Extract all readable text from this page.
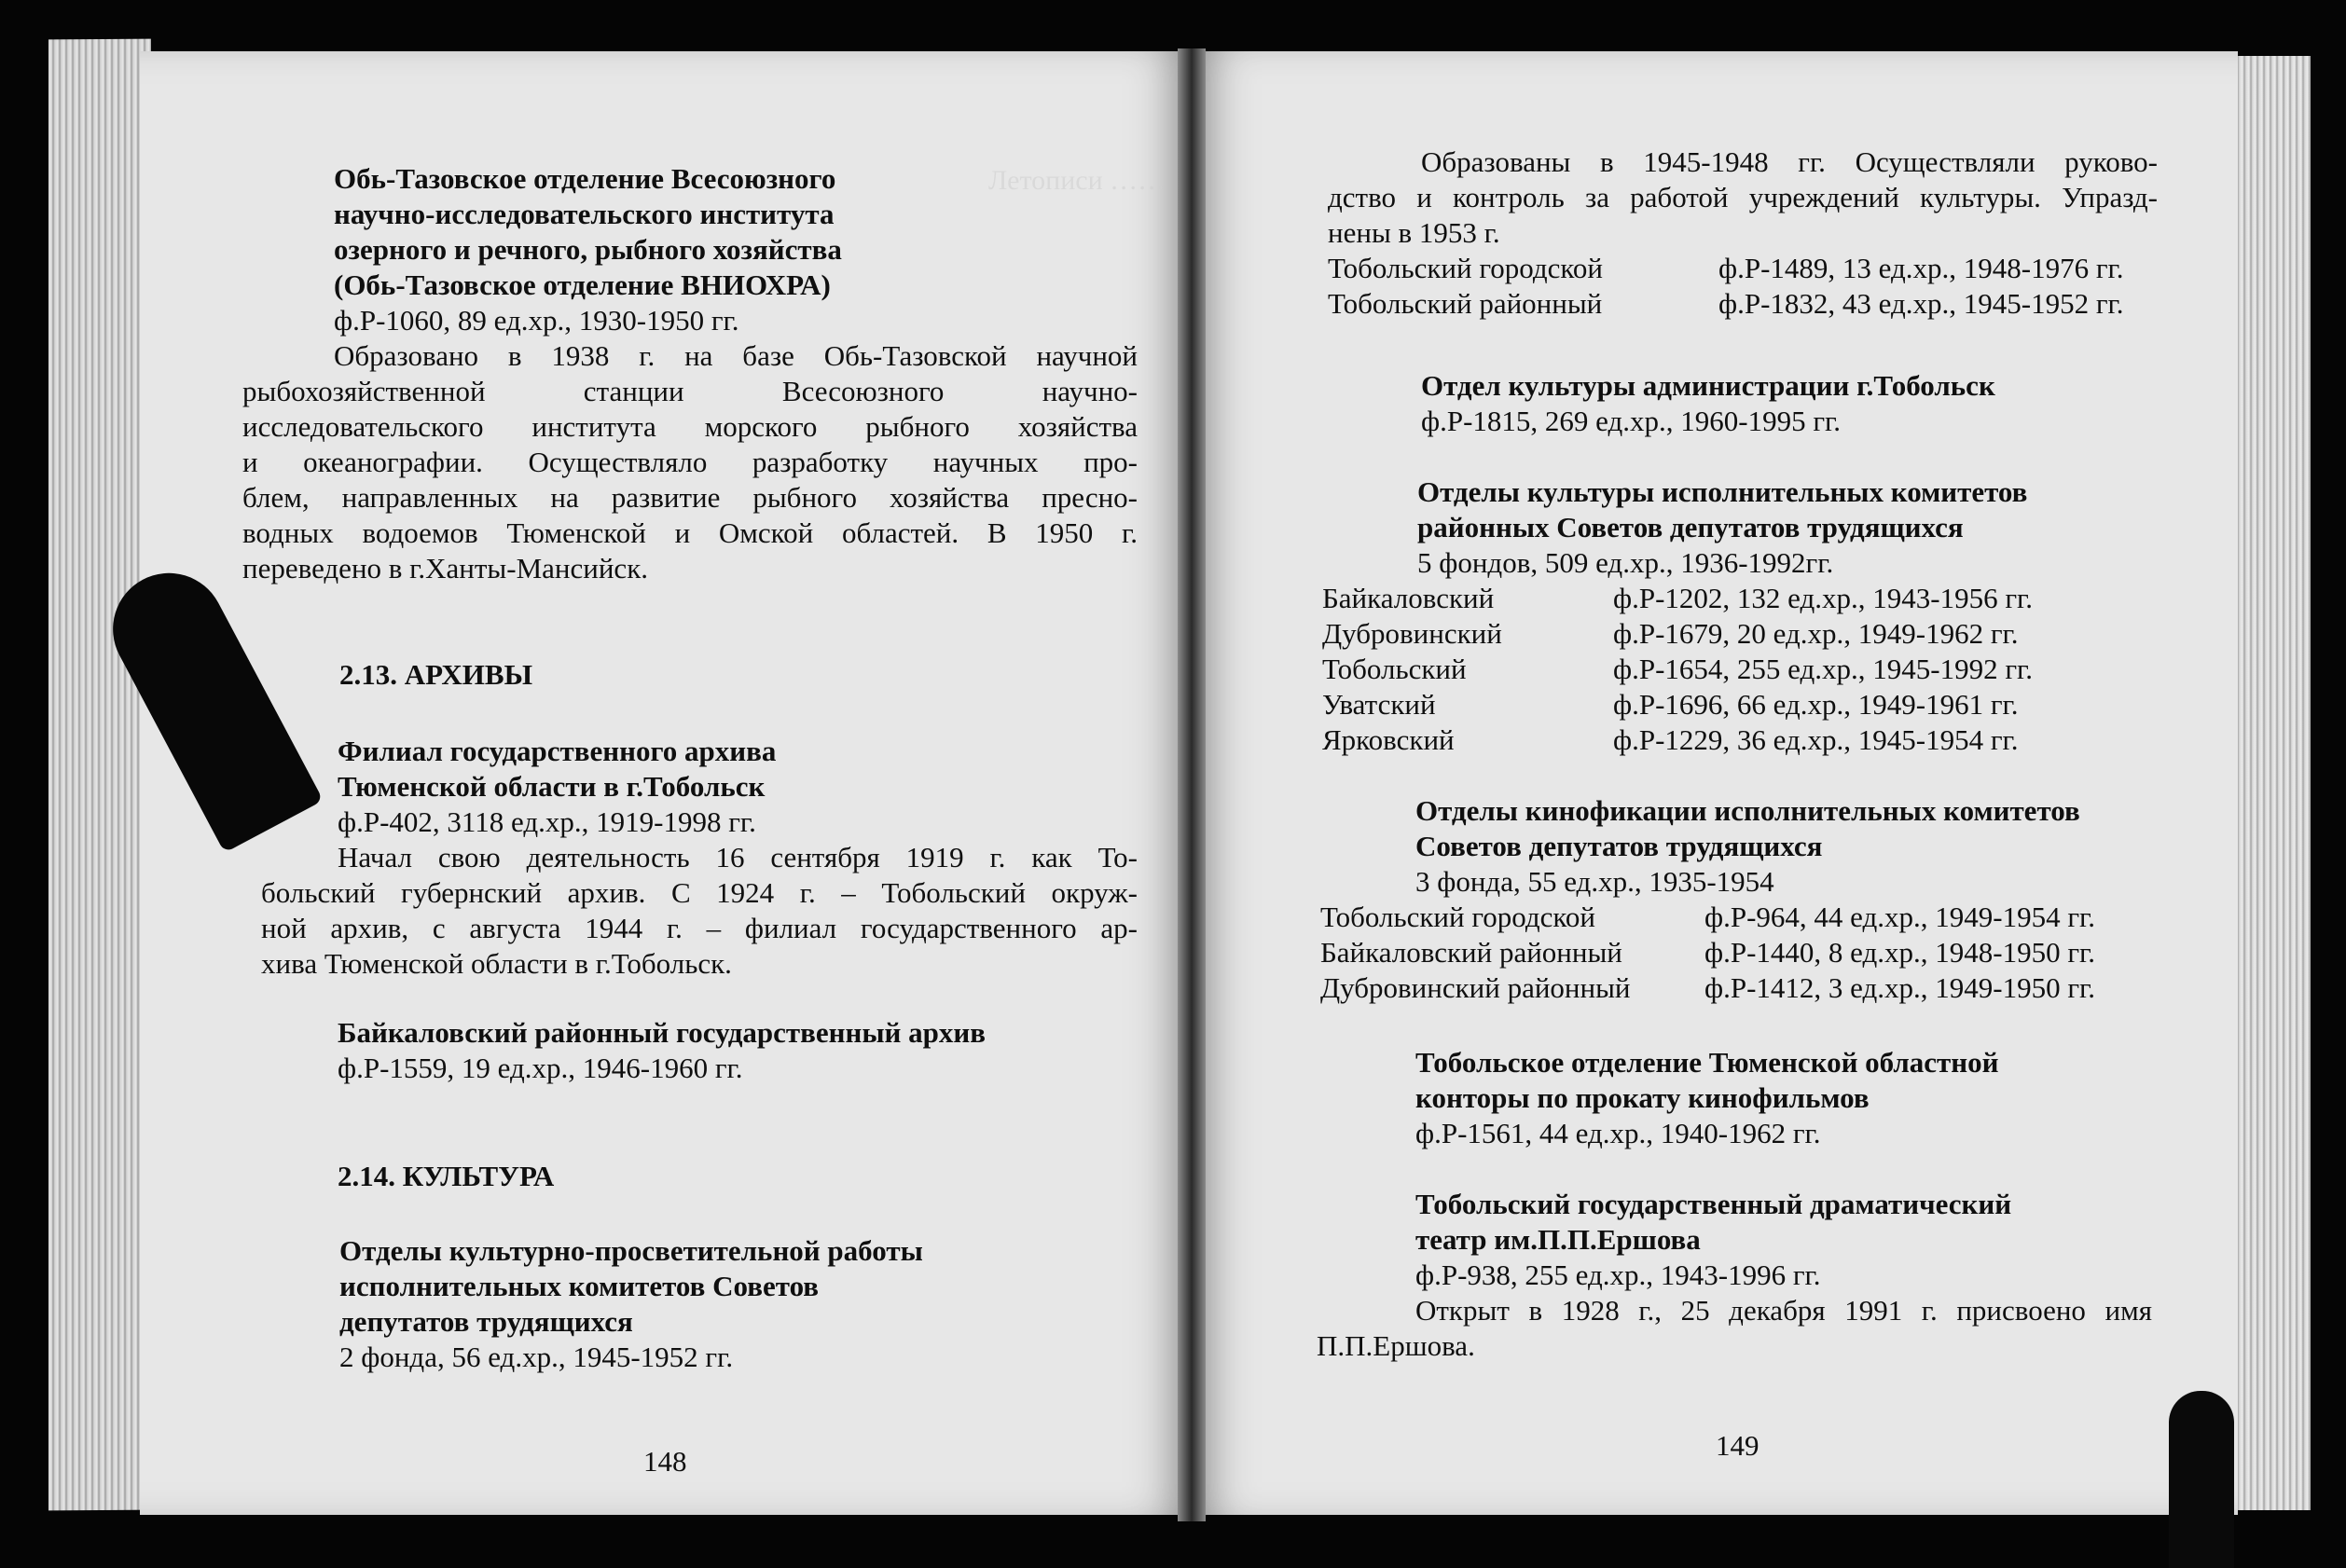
Летописи ……
Обь-Тазовское отделение Всесоюзного
научно-исследовательского института
озерного и речного, рыбного хозяйства
(Обь-Тазовское отделение ВНИОХРА)
ф.Р-1060, 89 ед.хр., 1930-1950 гг.
Образовано в 1938 г. на базе Обь-Тазовской научной
рыбохозяйственной станции Всесоюзного научно-
исследовательского института морского рыбного хозяйства
и океанографии. Осуществляло разработку научных про-
блем, направленных на развитие рыбного хозяйства пресно-
водных водоемов Тюменской и Омской областей. В 1950 г.
переведено в г.Ханты-Мансийск.
2.13. АРХИВЫ
Филиал государственного архива
Тюменской области в г.Тобольск
ф.Р-402, 3118 ед.хр., 1919-1998 гг.
Начал свою деятельность 16 сентября 1919 г. как То-
больский губернский архив. С 1924 г. – Тобольский окруж-
ной архив, с августа 1944 г. – филиал государственного ар-
хива Тюменской области в г.Тобольск.
Байкаловский районный государственный архив
ф.Р-1559, 19 ед.хр., 1946-1960 гг.
2.14. КУЛЬТУРА
Отделы культурно-просветительной работы
исполнительных комитетов Советов
депутатов трудящихся
2 фонда, 56 ед.хр., 1945-1952 гг.
148
Образованы в 1945-1948 гг. Осуществляли руково-
дство и контроль за работой учреждений культуры. Упразд-
нены в 1953 г.
Тобольский городской	ф.Р-1489, 13 ед.хр., 1948-1976 гг.
Тобольский районный	ф.Р-1832, 43 ед.хр., 1945-1952 гг.
Отдел культуры администрации г.Тобольск
ф.Р-1815, 269 ед.хр., 1960-1995 гг.
Отделы культуры исполнительных комитетов
районных Советов депутатов трудящихся
5 фондов, 509 ед.хр., 1936-1992гг.
Байкаловский	ф.Р-1202, 132 ед.хр., 1943-1956 гг.
Дубровинский	ф.Р-1679, 20 ед.хр., 1949-1962 гг.
Тобольский	ф.Р-1654, 255 ед.хр., 1945-1992 гг.
Уватский	ф.Р-1696, 66 ед.хр., 1949-1961 гг.
Ярковский	ф.Р-1229, 36 ед.хр., 1945-1954 гг.
Отделы кинофикации исполнительных комитетов
Советов депутатов трудящихся
3 фонда, 55 ед.хр., 1935-1954
Тобольский городской	ф.Р-964, 44 ед.хр., 1949-1954 гг.
Байкаловский районный	ф.Р-1440, 8 ед.хр., 1948-1950 гг.
Дубровинский районный	ф.Р-1412, 3 ед.хр., 1949-1950 гг.
Тобольское отделение Тюменской областной
конторы по прокату кинофильмов
ф.Р-1561, 44 ед.хр., 1940-1962 гг.
Тобольский государственный драматический
театр им.П.П.Ершова
ф.Р-938, 255 ед.хр., 1943-1996 гг.
Открыт в 1928 г., 25 декабря 1991 г. присвоено имя
П.П.Ершова.
149
